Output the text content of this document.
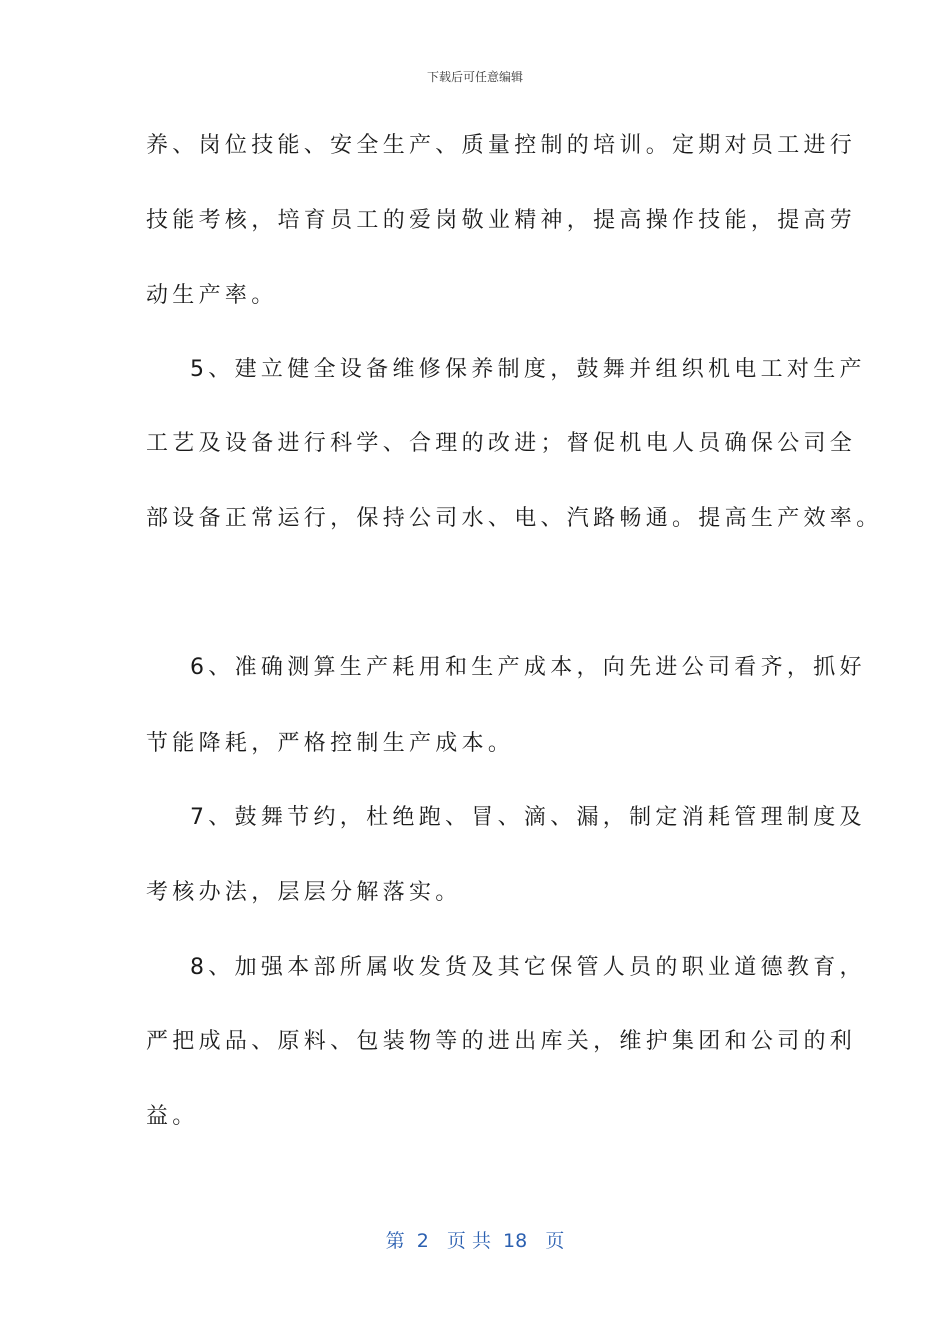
下载后可任意编辑
养、岗位技能、安全生产、质量控制的培训。定期对员工进行
技能考核，培育员工的爱岗敬业精神，提高操作技能，提高劳
动生产率。
5、建立健全设备维修保养制度，鼓舞并组织机电工对生产
工艺及设备进行科学、合理的改进；督促机电人员确保公司全
部设备正常运行，保持公司水、电、汽路畅通。提高生产效率。
6、准确测算生产耗用和生产成本，向先进公司看齐，抓好
节能降耗，严格控制生产成本。
7、鼓舞节约，杜绝跑、冒、滴、漏，制定消耗管理制度及
考核办法，层层分解落实。
8、加强本部所属收发货及其它保管人员的职业道德教育，
严把成品、原料、包装物等的进出库关，维护集团和公司的利
益。
第  2   页 共  18   页
